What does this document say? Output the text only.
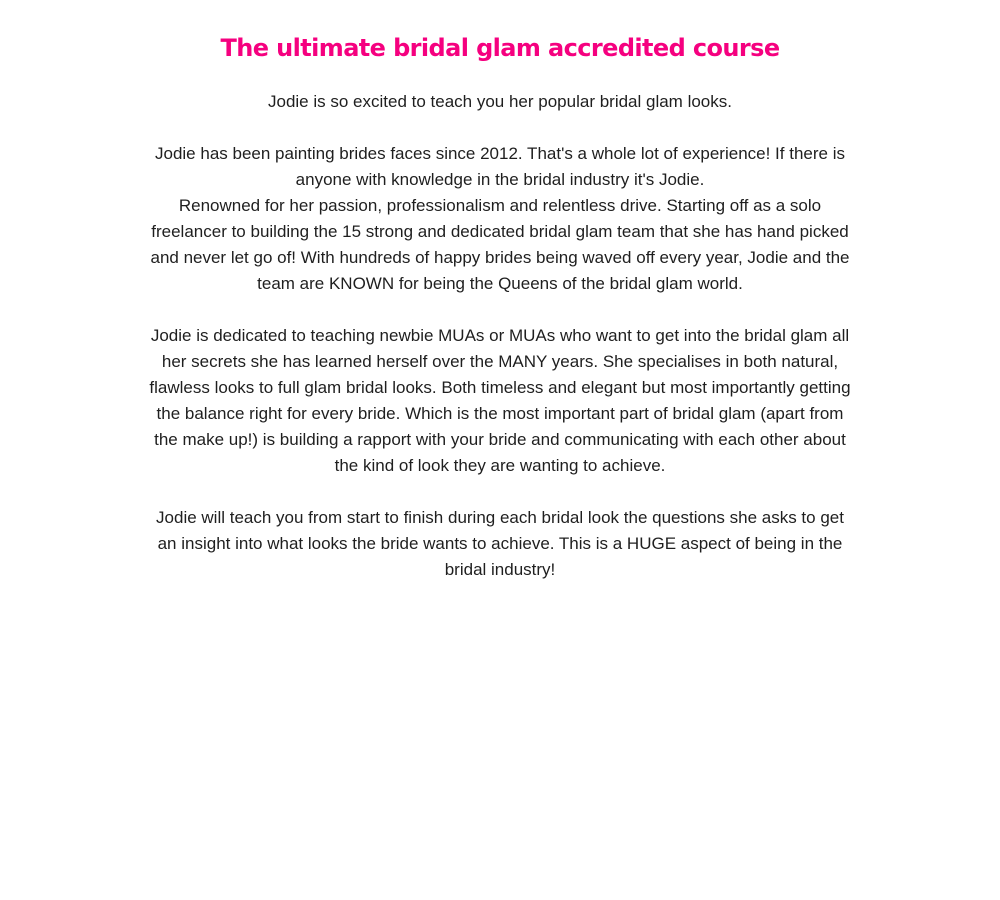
The ultimate bridal glam accredited course

Jodie is so excited to teach you her popular bridal glam looks.

Jodie has been painting brides faces since 2012. That's a whole lot of experience! If there is anyone with knowledge in the bridal industry it's Jodie.

Renowned for her passion, professionalism and relentless drive. Starting off as a solo freelancer to building the 15 strong and dedicated bridal glam team that she has hand picked and never let go of! With hundreds of happy brides being waved off every year, Jodie and the team are KNOWN for being the Queens of the bridal glam world.

Jodie is dedicated to teaching newbie MUAs or MUAs who want to get into the bridal glam all her secrets she has learned herself over the MANY years. She specialises in both natural, flawless looks to full glam bridal looks. Both timeless and elegant but most importantly getting the balance right for every bride. Which is the most important part of bridal glam (apart from the make up!) is building a rapport with your bride and communicating with each other about the kind of look they are wanting to achieve.

Jodie will teach you from start to finish during each bridal look the questions she asks to get an insight into what looks the bride wants to achieve. This is a HUGE aspect of being in the bridal industry!
